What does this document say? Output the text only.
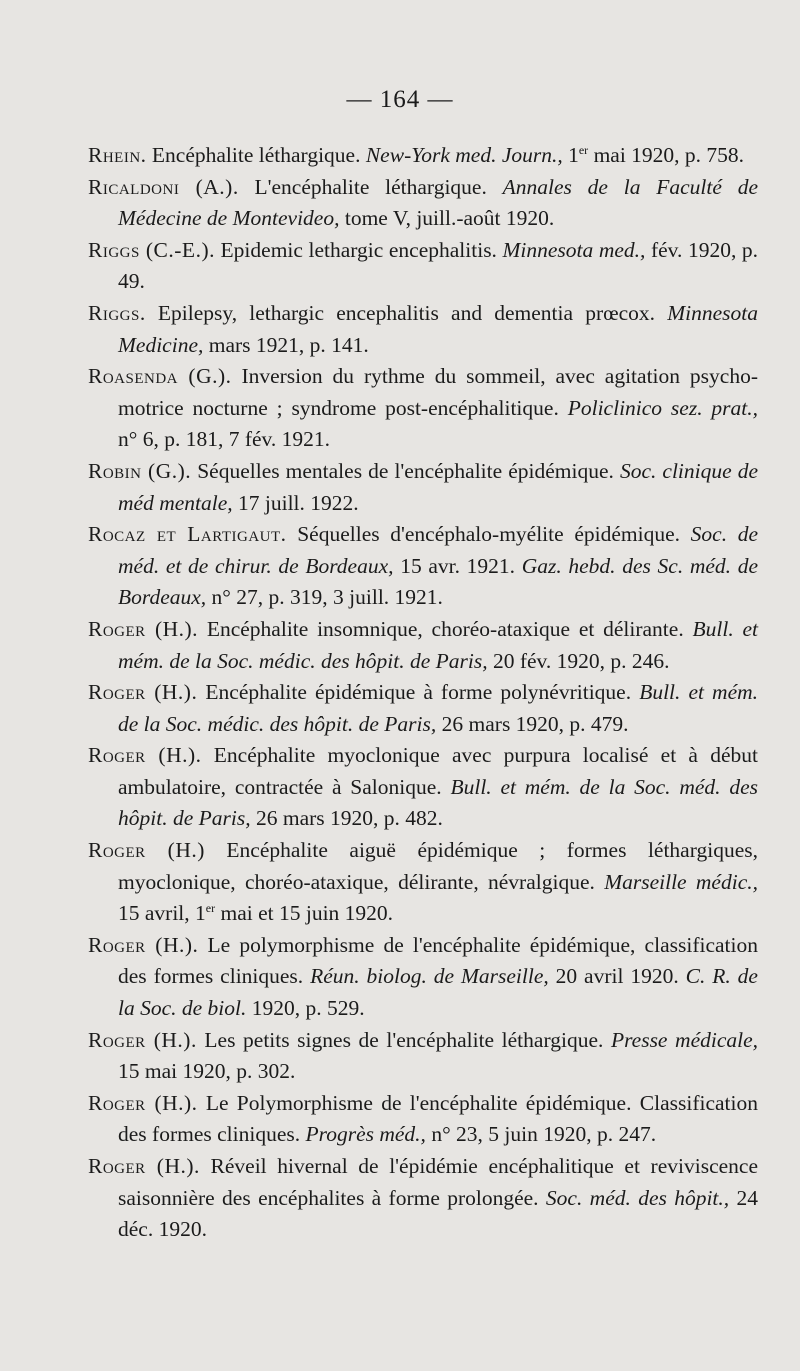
— 164 —

Rhein. Encéphalite léthargique. New-York med. Journ., 1er mai 1920, p. 758.

Ricaldoni (A.). L'encéphalite léthargique. Annales de la Faculté de Médecine de Montevideo, tome V, juill.-août 1920.

Riggs (C.-E.). Epidemic lethargic encephalitis. Minnesota med., fév. 1920, p. 49.

Riggs. Epilepsy, lethargic encephalitis and dementia prœcox. Minnesota Medicine, mars 1921, p. 141.

Roasenda (G.). Inversion du rythme du sommeil, avec agitation psycho-motrice nocturne ; syndrome post-encéphalitique. Policlinico sez. prat., n° 6, p. 181, 7 fév. 1921.

Robin (G.). Séquelles mentales de l'encéphalite épidémique. Soc. clinique de méd mentale, 17 juill. 1922.

Rocaz et Lartigaut. Séquelles d'encéphalo-myélite épidémique. Soc. de méd. et de chirur. de Bordeaux, 15 avr. 1921. Gaz. hebd. des Sc. méd. de Bordeaux, n° 27, p. 319, 3 juill. 1921.

Roger (H.). Encéphalite insomnique, choréo-ataxique et délirante. Bull. et mém. de la Soc. médic. des hôpit. de Paris, 20 fév. 1920, p. 246.

Roger (H.). Encéphalite épidémique à forme polynévritique. Bull. et mém. de la Soc. médic. des hôpit. de Paris, 26 mars 1920, p. 479.

Roger (H.). Encéphalite myoclonique avec purpura localisé et à début ambulatoire, contractée à Salonique. Bull. et mém. de la Soc. méd. des hôpit. de Paris, 26 mars 1920, p. 482.

Roger (H.) Encéphalite aiguë épidémique ; formes léthargiques, myoclonique, choréo-ataxique, délirante, névralgique. Marseille médic., 15 avril, 1er mai et 15 juin 1920.

Roger (H.). Le polymorphisme de l'encéphalite épidémique, classification des formes cliniques. Réun. biolog. de Marseille, 20 avril 1920. C. R. de la Soc. de biol. 1920, p. 529.

Roger (H.). Les petits signes de l'encéphalite léthargique. Presse médicale, 15 mai 1920, p. 302.

Roger (H.). Le Polymorphisme de l'encéphalite épidémique. Classification des formes cliniques. Progrès méd., n° 23, 5 juin 1920, p. 247.

Roger (H.). Réveil hivernal de l'épidémie encéphalitique et reviviscence saisonnière des encéphalites à forme prolongée. Soc. méd. des hôpit., 24 déc. 1920.
